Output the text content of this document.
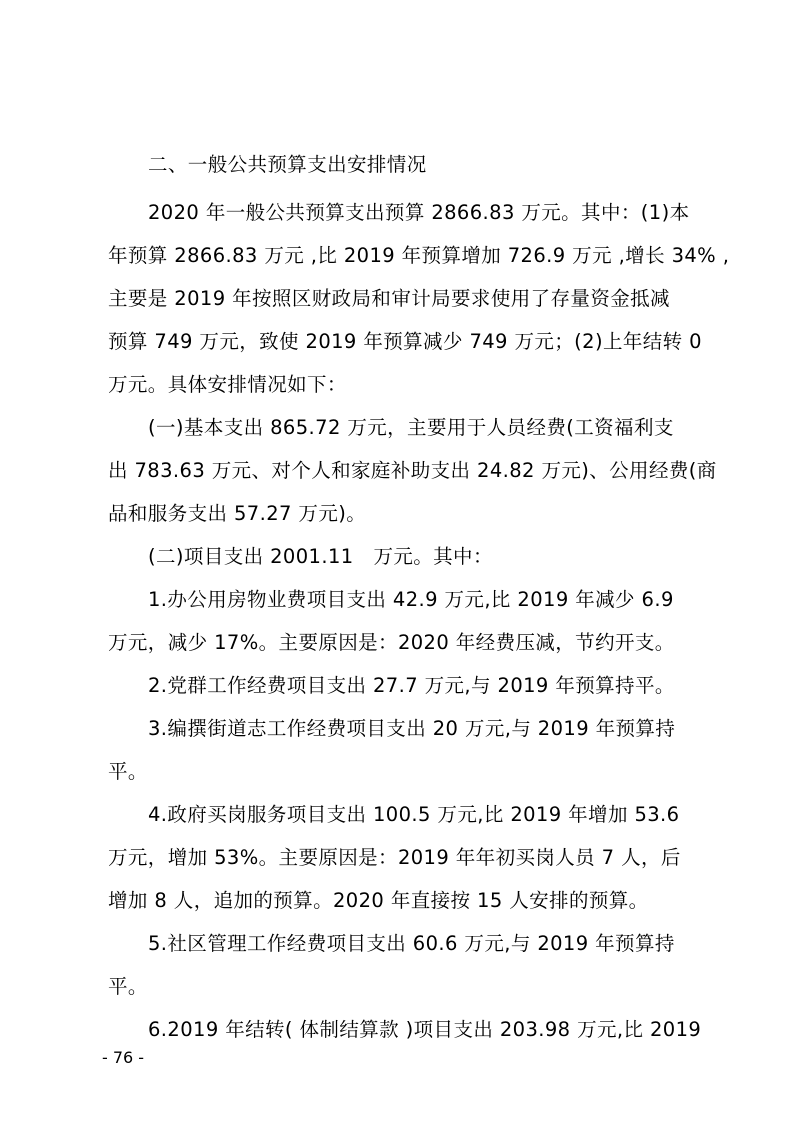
二、一般公共预算支出安排情况
2020 年一般公共预算支出预算 2866.83 万元。其中：(1)本
年预算 2866.83 万元 ,比 2019 年预算增加 726.9 万元 ,增长 34% ,
主要是 2019 年按照区财政局和审计局要求使用了存量资金抵减
预算 749 万元，致使 2019 年预算减少 749 万元；(2)上年结转 0
万元。具体安排情况如下：
(一)基本支出 865.72 万元，主要用于人员经费(工资福利支
出 783.63 万元、对个人和家庭补助支出 24.82 万元)、公用经费(商
品和服务支出 57.27 万元)。
(二)项目支出 2001.11　万元。其中：
1.办公用房物业费项目支出 42.9 万元,比 2019 年减少 6.9
万元，减少 17%。主要原因是：2020 年经费压减，节约开支。
2.党群工作经费项目支出 27.7 万元,与 2019 年预算持平。
3.编撰街道志工作经费项目支出 20 万元,与 2019 年预算持
平。
4.政府买岗服务项目支出 100.5 万元,比 2019 年增加 53.6
万元，增加 53%。主要原因是：2019 年年初买岗人员 7 人，后
增加 8 人，追加的预算。2020 年直接按 15 人安排的预算。
5.社区管理工作经费项目支出 60.6 万元,与 2019 年预算持
平。
6.2019 年结转( 体制结算款 )项目支出 203.98 万元,比 2019
- 76 -
